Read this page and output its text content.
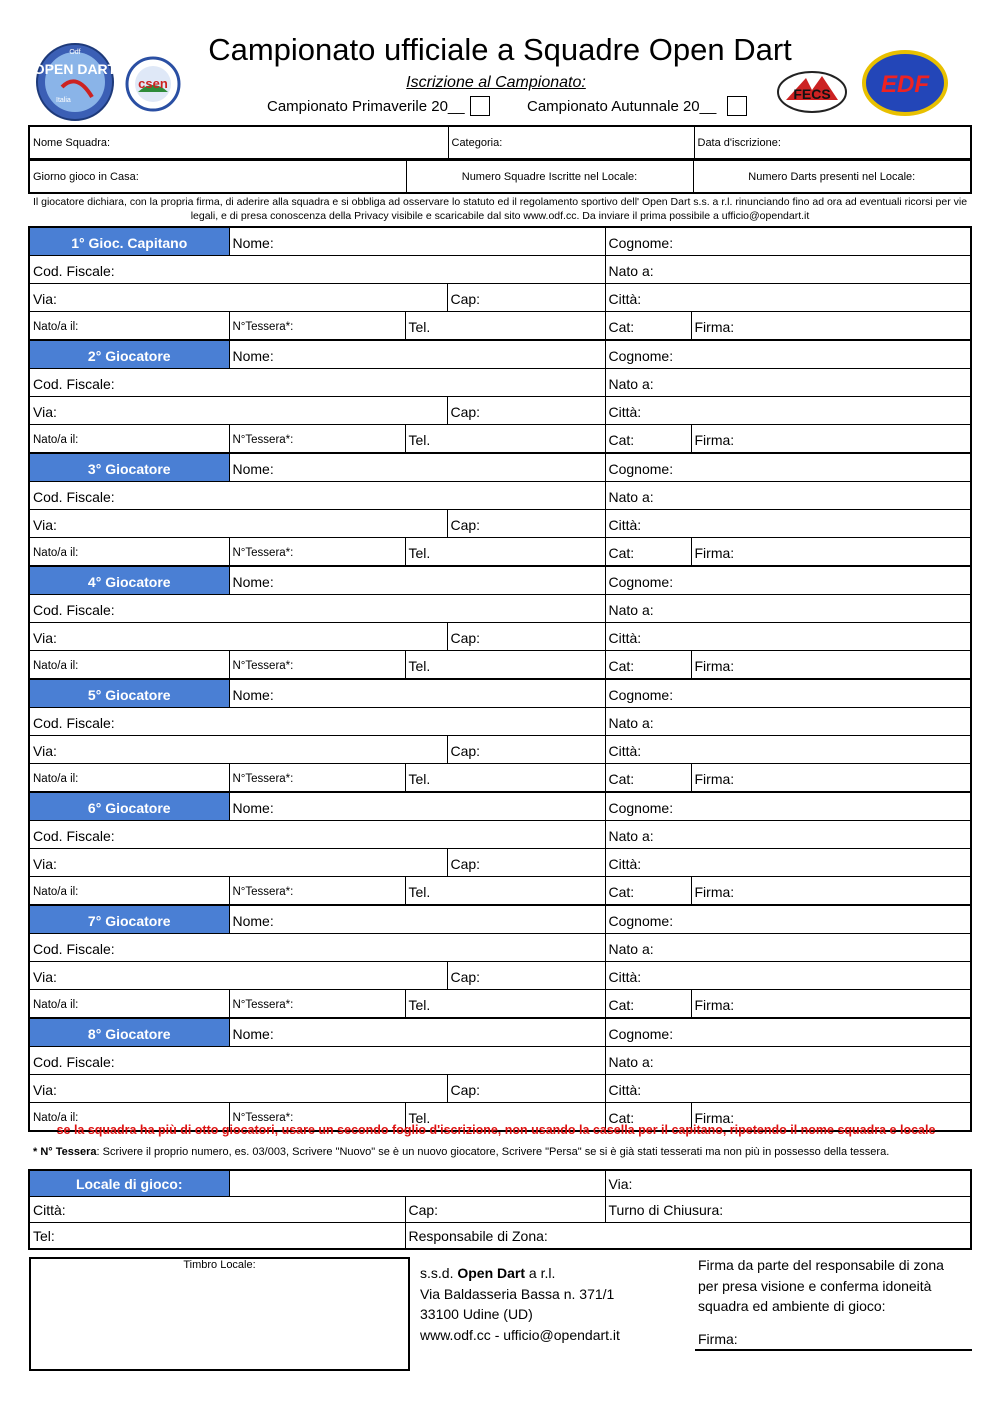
OPEN DART
Odf
Italia
csen
FECS EDF
Campionato ufficiale a Squadre Open Dart
Iscrizione al Campionato:
Campionato Primaverile 20__	Campionato Autunnale 20__
Nome Squadra:	Categoria:	Data d'iscrizione:
Giorno gioco in Casa:	Numero Squadre Iscritte nel Locale:	Numero Darts presenti nel Locale:
Il giocatore dichiara, con la propria firma, di aderire alla squadra e si obbliga ad osservare lo statuto ed il regolamento sportivo dell' Open Dart s.s. a r.l. rinunciando fino ad ora ad eventuali ricorsi per vie legali, e di presa conoscenza della Privacy visibile e scaricabile dal sito www.odf.cc. Da inviare il prima possibile a ufficio@opendart.it
1° Gioc. Capitano	Nome:			Cognome:	
Cod. Fiscale:				Nato a:	
Via:			Cap:	Città:	
Nato/a il:	N°Tessera*:	Tel.		Cat:	Firma:
2° Giocatore	Nome:			Cognome:	
Cod. Fiscale:				Nato a:	
Via:			Cap:	Città:	
Nato/a il:	N°Tessera*:	Tel.		Cat:	Firma:
3° Giocatore	Nome:			Cognome:	
Cod. Fiscale:				Nato a:	
Via:			Cap:	Città:	
Nato/a il:	N°Tessera*:	Tel.		Cat:	Firma:
4° Giocatore	Nome:			Cognome:	
Cod. Fiscale:				Nato a:	
Via:			Cap:	Città:	
Nato/a il:	N°Tessera*:	Tel.		Cat:	Firma:
5° Giocatore	Nome:			Cognome:	
Cod. Fiscale:				Nato a:	
Via:			Cap:	Città:	
Nato/a il:	N°Tessera*:	Tel.		Cat:	Firma:
6° Giocatore	Nome:			Cognome:	
Cod. Fiscale:				Nato a:	
Via:			Cap:	Città:	
Nato/a il:	N°Tessera*:	Tel.		Cat:	Firma:
7° Giocatore	Nome:			Cognome:	
Cod. Fiscale:				Nato a:	
Via:			Cap:	Città:	
Nato/a il:	N°Tessera*:	Tel.		Cat:	Firma:
8° Giocatore	Nome:			Cognome:	
Cod. Fiscale:				Nato a:	
Via:			Cap:	Città:	
Nato/a il:	N°Tessera*:	Tel.		Cat:	Firma:
se la squadra ha più di otto giocatori, usare un secondo foglio d'iscrizione, non usando la casella per il capitano, ripetendo il nome squadra e locale
* N° Tessera: Scrivere il proprio numero, es. 03/003, Scrivere "Nuovo" se è un nuovo giocatore, Scrivere "Persa" se si è già stati tesserati ma non più in possesso della tessera.
Locale di gioco:			Via:
Città:		Cap:	Turno di Chiusura:
Tel:		Responsabile di Zona:	
Timbro Locale:	s.s.d. Open Dart a r.l.
Via Baldasseria Bassa n. 371/1
33100 Udine (UD)
www.odf.cc - ufficio@opendart.it
Firma da parte del responsabile di zona per presa visione e conferma idoneità squadra ed ambiente di gioco:
Firma:
